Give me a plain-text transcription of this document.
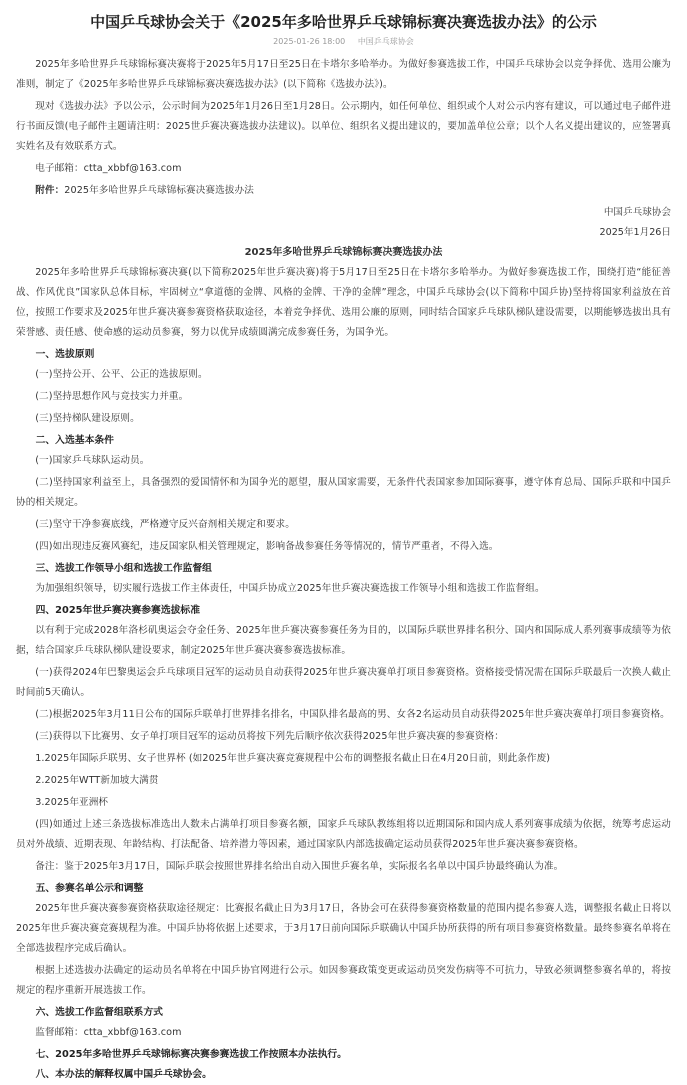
中国乒乓球协会关于《2025年多哈世界乒乓球锦标赛决赛选拔办法》的公示
2025-01-26 18:00 中国乒乓球协会

2025年多哈世界乒乓球锦标赛决赛将于2025年5月17日至25日在卡塔尔多哈举办。为做好参赛选拔工作，中国乒乓球协会以竞争择优、选用公廉为准则，制定了《2025年多哈世界乒乓球锦标赛决赛选拔办法》(以下简称《选拔办法》)。

现对《选拔办法》予以公示，公示时间为2025年1月26日至1月28日。公示期内，如任何单位、组织或个人对公示内容有建议，可以通过电子邮件进行书面反馈(电子邮件主题请注明：2025世乒赛决赛选拔办法建议)。以单位、组织名义提出建议的，要加盖单位公章；以个人名义提出建议的，应签署真实姓名及有效联系方式。

电子邮箱：ctta_xbbf@163.com

附件：2025年多哈世界乒乓球锦标赛决赛选拔办法

中国乒乓球协会

2025年1月26日

2025年多哈世界乒乓球锦标赛决赛选拔办法

2025年多哈世界乒乓球锦标赛决赛(以下简称2025年世乒赛决赛)将于5月17日至25日在卡塔尔多哈举办。为做好参赛选拔工作，围绕打造“能征善战、作风优良”国家队总体目标，牢固树立“拿道德的金牌、风格的金牌、干净的金牌”理念，中国乒乓球协会(以下简称中国乒协)坚持将国家利益放在首位，按照工作要求及2025年世乒赛决赛参赛资格获取途径，本着竞争择优、选用公廉的原则，同时结合国家乒乓球队梯队建设需要，以期能够选拔出具有荣誉感、责任感、使命感的运动员参赛，努力以优异成绩圆满完成参赛任务，为国争光。

一、选拔原则

(一)坚持公开、公平、公正的选拔原则。

(二)坚持思想作风与竞技实力并重。

(三)坚持梯队建设原则。

二、入选基本条件

(一)国家乒乓球队运动员。

(二)坚持国家利益至上，具备强烈的爱国情怀和为国争光的愿望，服从国家需要，无条件代表国家参加国际赛事，遵守体育总局、国际乒联和中国乒协的相关规定。

(三)坚守干净参赛底线，严格遵守反兴奋剂相关规定和要求。

(四)如出现违反赛风赛纪，违反国家队相关管理规定，影响备战参赛任务等情况的，情节严重者，不得入选。

三、选拔工作领导小组和选拔工作监督组

为加强组织领导，切实履行选拔工作主体责任，中国乒协成立2025年世乒赛决赛选拔工作领导小组和选拔工作监督组。

四、2025年世乒赛决赛参赛选拔标准

以有利于完成2028年洛杉矶奥运会夺金任务、2025年世乒赛决赛参赛任务为目的，以国际乒联世界排名积分、国内和国际成人系列赛事成绩等为依据，结合国家乒乓球队梯队建设要求，制定2025年世乒赛决赛参赛选拔标准。

(一)获得2024年巴黎奥运会乒乓球项目冠军的运动员自动获得2025年世乒赛决赛单打项目参赛资格。资格接受情况需在国际乒联最后一次换人截止时间前5天确认。

(二)根据2025年3月11日公布的国际乒联单打世界排名排名，中国队排名最高的男、女各2名运动员自动获得2025年世乒赛决赛单打项目参赛资格。

(三)获得以下比赛男、女子单打项目冠军的运动员将按下列先后顺序依次获得2025年世乒赛决赛的参赛资格：

1.2025年国际乒联男、女子世界杯 (如2025年世乒赛决赛竞赛规程中公布的调整报名截止日在4月20日前，则此条作废)

2.2025年WTT新加坡大满贯

3.2025年亚洲杯

(四)如通过上述三条选拔标准选出人数未占满单打项目参赛名额，国家乒乓球队教练组将以近期国际和国内成人系列赛事成绩为依据，统筹考虑运动员对外战绩、近期表现、年龄结构、打法配备、培养潜力等因素，通过国家队内部选拔确定运动员获得2025年世乒赛决赛参赛资格。

备注：鉴于2025年3月17日，国际乒联会按照世界排名给出自动入围世乒赛名单，实际报名名单以中国乒协最终确认为准。

五、参赛名单公示和调整

2025年世乒赛决赛参赛资格获取途径规定：比赛报名截止日为3月17日，各协会可在获得参赛资格数量的范围内提名参赛人选，调整报名截止日将以2025年世乒赛决赛竞赛规程为准。中国乒协将依据上述要求，于3月17日前向国际乒联确认中国乒协所获得的所有项目参赛资格数量。最终参赛名单将在全部选拔程序完成后确认。

根据上述选拔办法确定的运动员名单将在中国乒协官网进行公示。如因参赛政策变更或运动员突发伤病等不可抗力，导致必须调整参赛名单的，将按规定的程序重新开展选拔工作。

六、选拔工作监督组联系方式

监督邮箱：ctta_xbbf@163.com

七、2025年多哈世界乒乓球锦标赛决赛参赛选拔工作按照本办法执行。

八、本办法的解释权属中国乒乓球协会。
